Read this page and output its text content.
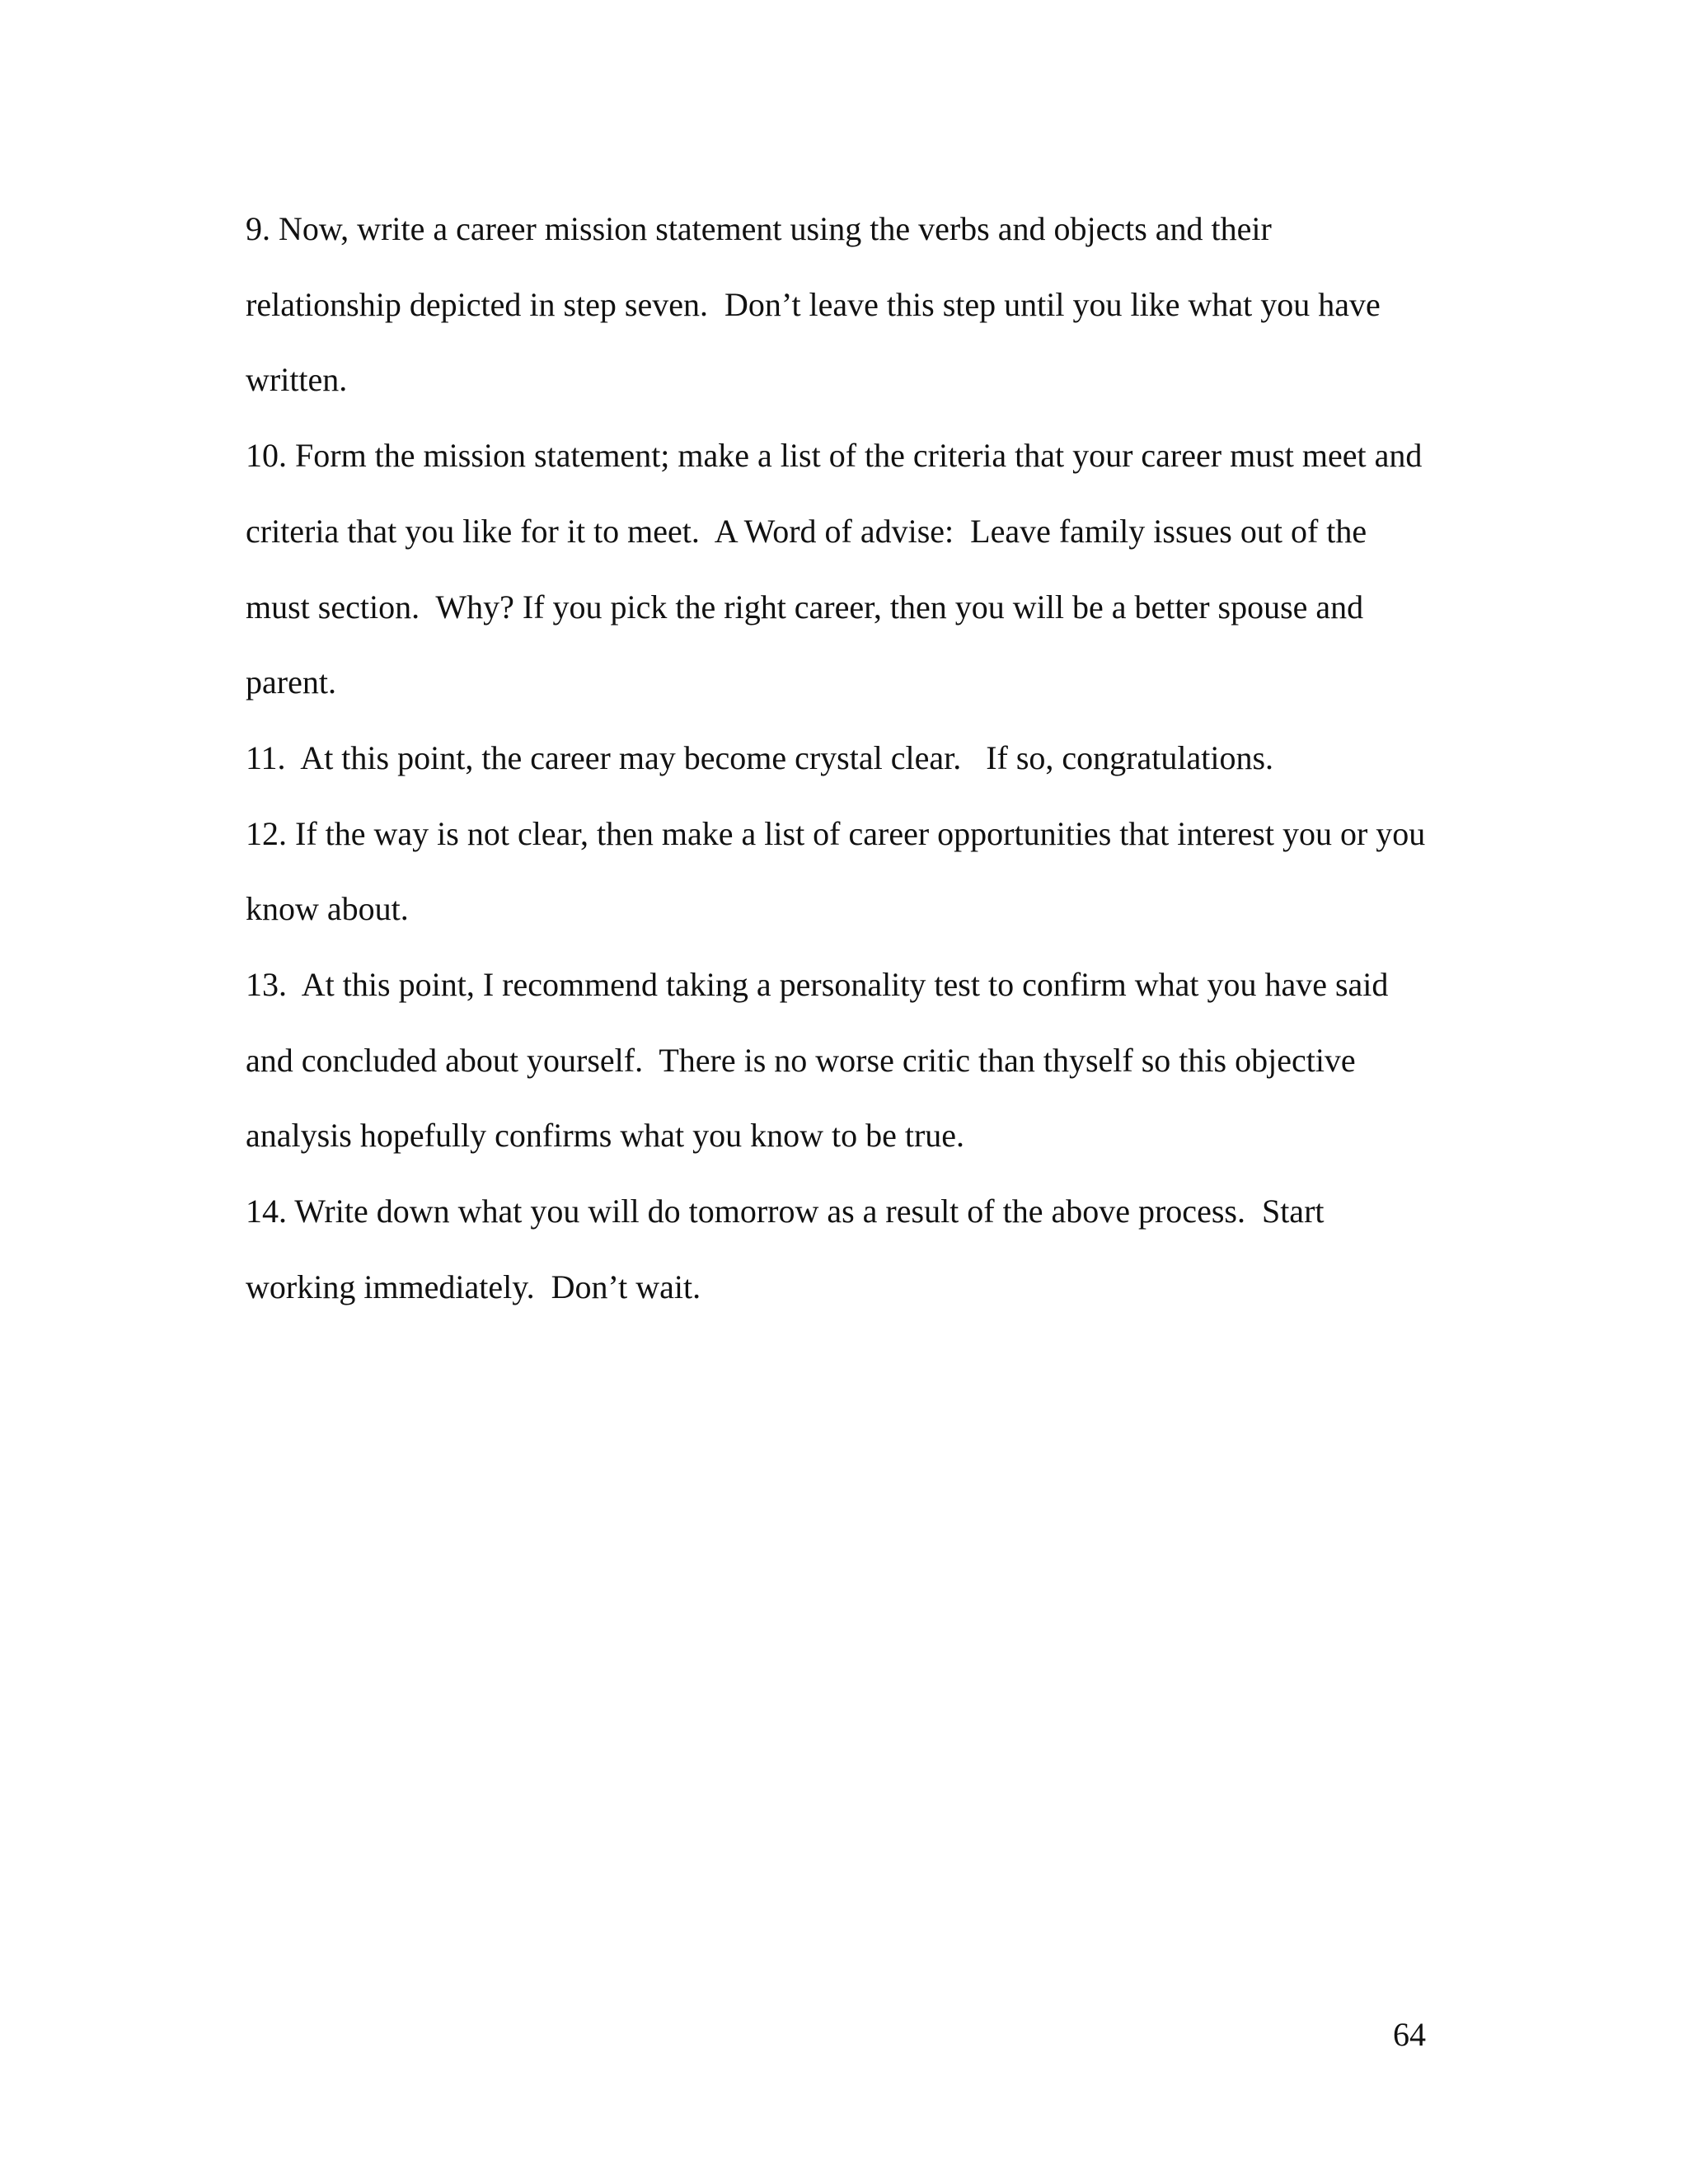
9. Now, write a career mission statement using the verbs and objects and their
relationship depicted in step seven.  Don’t leave this step until you like what you have
written.
10. Form the mission statement; make a list of the criteria that your career must meet and
criteria that you like for it to meet.  A Word of advise:  Leave family issues out of the
must section.  Why? If you pick the right career, then you will be a better spouse and
parent.
11.  At this point, the career may become crystal clear.   If so, congratulations.
12. If the way is not clear, then make a list of career opportunities that interest you or you
know about.
13.  At this point, I recommend taking a personality test to confirm what you have said
and concluded about yourself.  There is no worse critic than thyself so this objective
analysis hopefully confirms what you know to be true.
14. Write down what you will do tomorrow as a result of the above process.  Start
working immediately.  Don’t wait.
64
